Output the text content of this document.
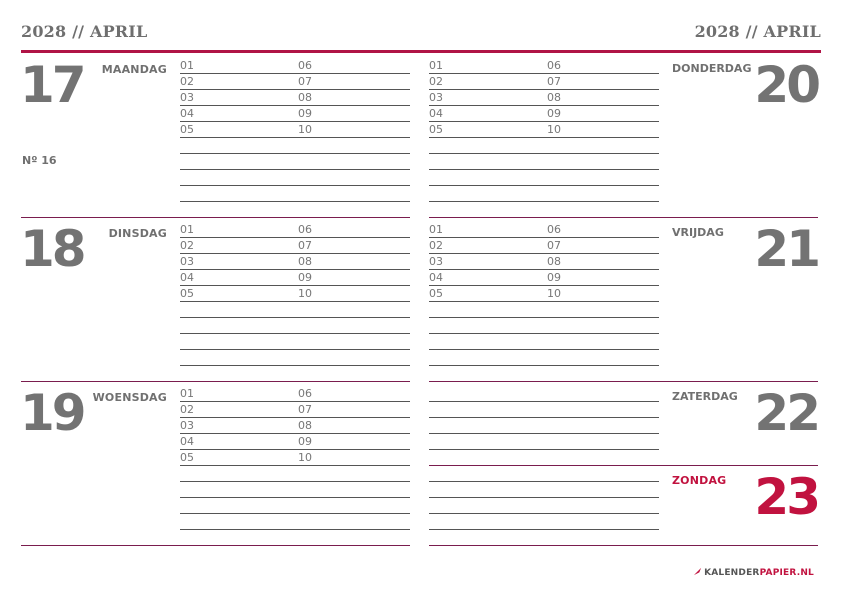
2028 // APRIL	2028 // APRIL
17 MAANDAG
Nº 16
18 DINSDAG
19 WOENSDAG
DONDERDAG 20
VRIJDAG 21
ZATERDAG 22
ZONDAG 23
01	06
02	07
03	08
04	09
05	10
01	06
02	07
03	08
04	09
05	10
01	06
02	07
03	08
04	09
05	10
01	06
02	07
03	08
04	09
05	10
01	06
02	07
03	08
04	09
05	10
KALENDERPAPIER.NL
